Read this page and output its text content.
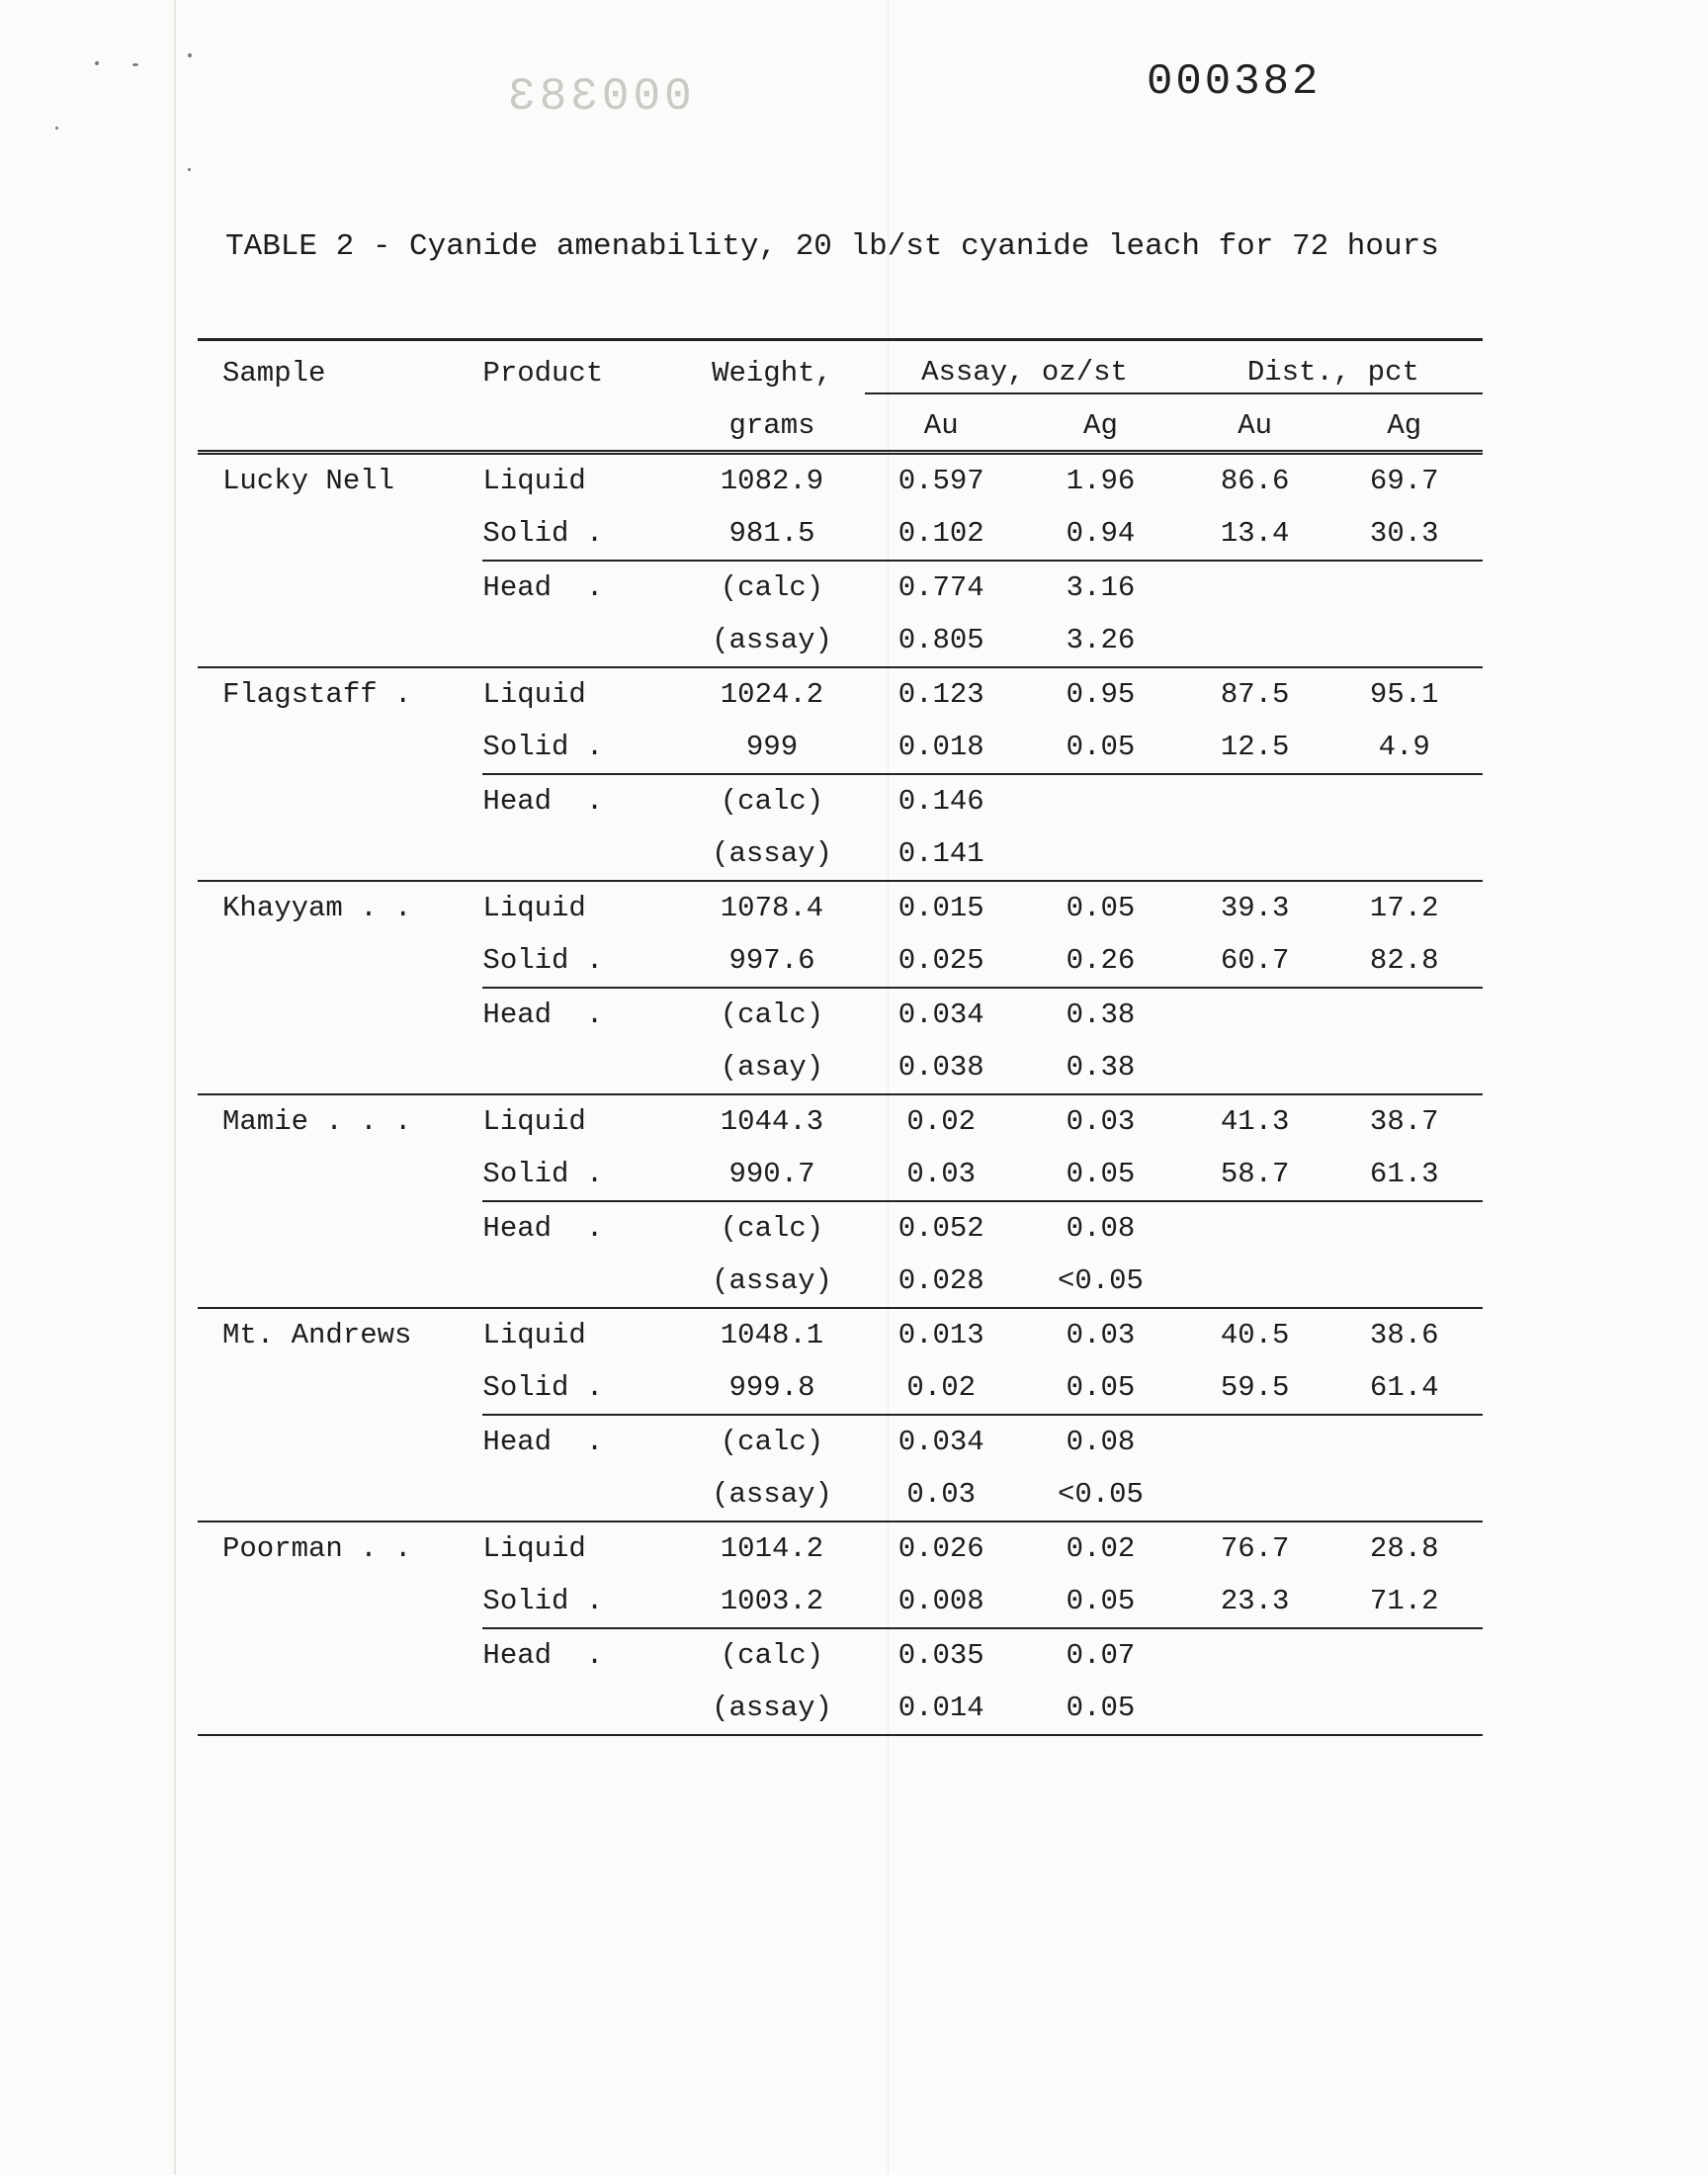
000383	000382
TABLE 2 - Cyanide amenability, 20 lb/st cyanide leach for 72 hours
Sample	Product	Weight,	Assay, oz/st		Dist., pct	
		grams	Au	Ag	Au	Ag
Lucky Nell	Liquid	1082.9	0.597	1.96	86.6	69.7
	Solid .	981.5	0.102	0.94	13.4	30.3
	Head  .	(calc)	0.774	3.16		
		(assay)	0.805	3.26		
Flagstaff .	Liquid	1024.2	0.123	0.95	87.5	95.1
	Solid .	999	0.018	0.05	12.5	4.9
	Head  .	(calc)	0.146			
		(assay)	0.141			
Khayyam . .	Liquid	1078.4	0.015	0.05	39.3	17.2
	Solid .	997.6	0.025	0.26	60.7	82.8
	Head  .	(calc)	0.034	0.38		
		(asay)	0.038	0.38		
Mamie . . .	Liquid	1044.3	0.02	0.03	41.3	38.7
	Solid .	990.7	0.03	0.05	58.7	61.3
	Head  .	(calc)	0.052	0.08		
		(assay)	0.028	<0.05		
Mt. Andrews	Liquid	1048.1	0.013	0.03	40.5	38.6
	Solid .	999.8	0.02	0.05	59.5	61.4
	Head  .	(calc)	0.034	0.08		
		(assay)	0.03	<0.05		
Poorman . .	Liquid	1014.2	0.026	0.02	76.7	28.8
	Solid .	1003.2	0.008	0.05	23.3	71.2
	Head  .	(calc)	0.035	0.07		
		(assay)	0.014	0.05		
